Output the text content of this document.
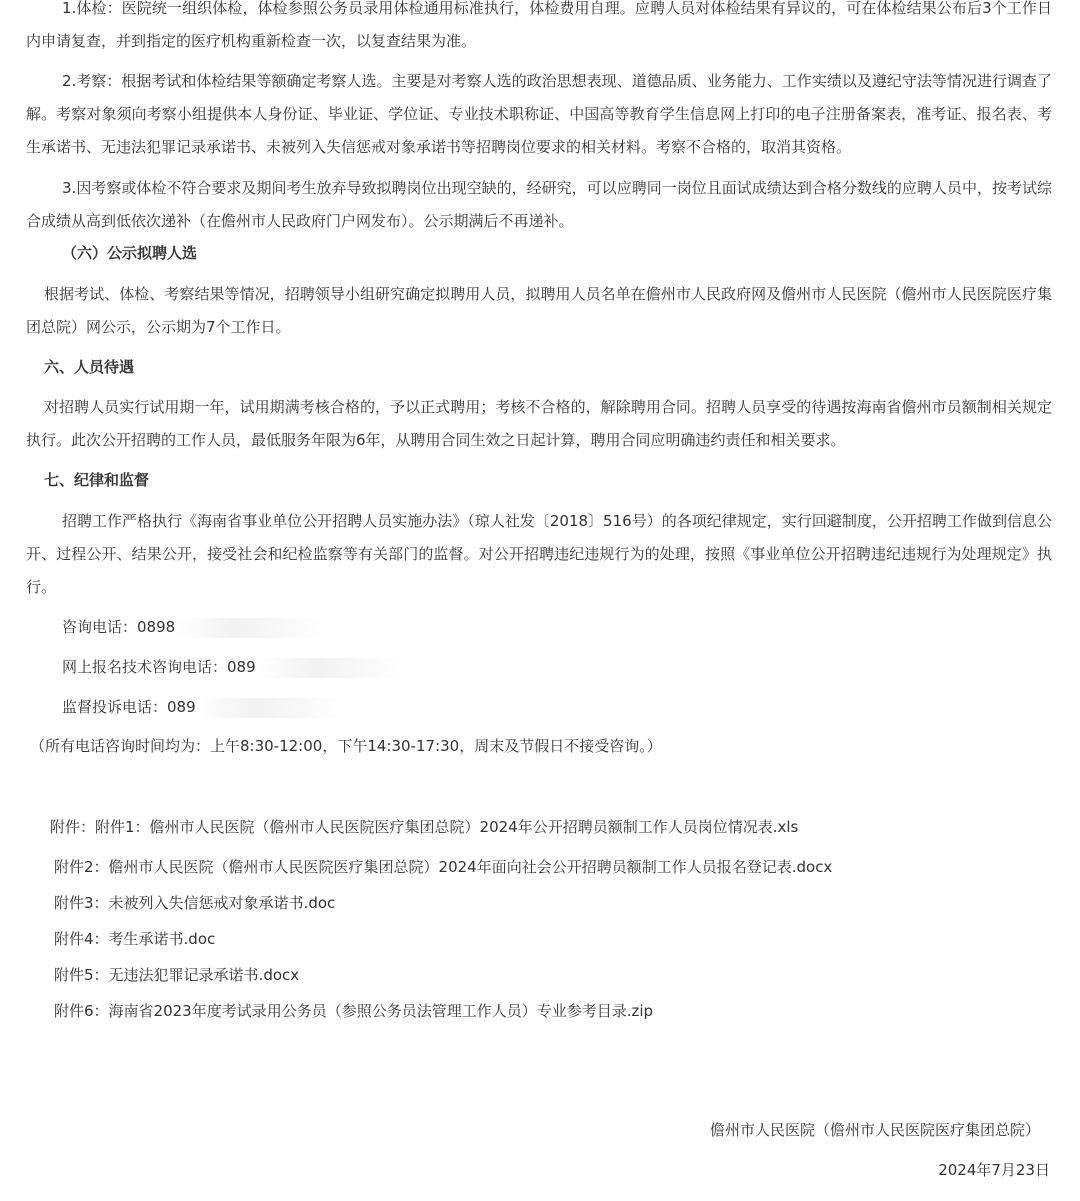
1.体检：医院统一组织体检，体检参照公务员录用体检通用标准执行，体检费用自理。应聘人员对体检结果有异议的，可在体检结果公布后3个工作日内申请复查，并到指定的医疗机构重新检查一次，以复查结果为准。
2.考察：根据考试和体检结果等额确定考察人选。主要是对考察人选的政治思想表现、道德品质、业务能力、工作实绩以及遵纪守法等情况进行调查了解。考察对象须向考察小组提供本人身份证、毕业证、学位证、专业技术职称证、中国高等教育学生信息网上打印的电子注册备案表，准考证、报名表、考生承诺书、无违法犯罪记录承诺书、未被列入失信惩戒对象承诺书等招聘岗位要求的相关材料。考察不合格的，取消其资格。
3.因考察或体检不符合要求及期间考生放弃导致拟聘岗位出现空缺的，经研究，可以应聘同一岗位且面试成绩达到合格分数线的应聘人员中，按考试综合成绩从高到低依次递补（在儋州市人民政府门户网发布）。公示期满后不再递补。
（六）公示拟聘人选
根据考试、体检、考察结果等情况，招聘领导小组研究确定拟聘用人员，拟聘用人员名单在儋州市人民政府网及儋州市人民医院（儋州市人民医院医疗集团总院）网公示，公示期为7个工作日。
六、人员待遇
对招聘人员实行试用期一年，试用期满考核合格的，予以正式聘用；考核不合格的，解除聘用合同。招聘人员享受的待遇按海南省儋州市员额制相关规定执行。此次公开招聘的工作人员，最低服务年限为6年，从聘用合同生效之日起计算，聘用合同应明确违约责任和相关要求。
七、纪律和监督
招聘工作严格执行《海南省事业单位公开招聘人员实施办法》（琼人社发〔2018〕516号）的各项纪律规定，实行回避制度，公开招聘工作做到信息公开、过程公开、结果公开，接受社会和纪检监察等有关部门的监督。对公开招聘违纪违规行为的处理，按照《事业单位公开招聘违纪违规行为处理规定》执行。
咨询电话：0898
网上报名技术咨询电话：089
监督投诉电话：089
（所有电话咨询时间均为：上午8:30-12:00，下午14:30-17:30，周末及节假日不接受咨询。）
附件：附件1：儋州市人民医院（儋州市人民医院医疗集团总院）2024年公开招聘员额制工作人员岗位情况表.xls
附件2：儋州市人民医院（儋州市人民医院医疗集团总院）2024年面向社会公开招聘员额制工作人员报名登记表.docx
附件3：未被列入失信惩戒对象承诺书.doc
附件4：考生承诺书.doc
附件5：无违法犯罪记录承诺书.docx
附件6：海南省2023年度考试录用公务员（参照公务员法管理工作人员）专业参考目录.zip
儋州市人民医院（儋州市人民医院医疗集团总院）
2024年7月23日
